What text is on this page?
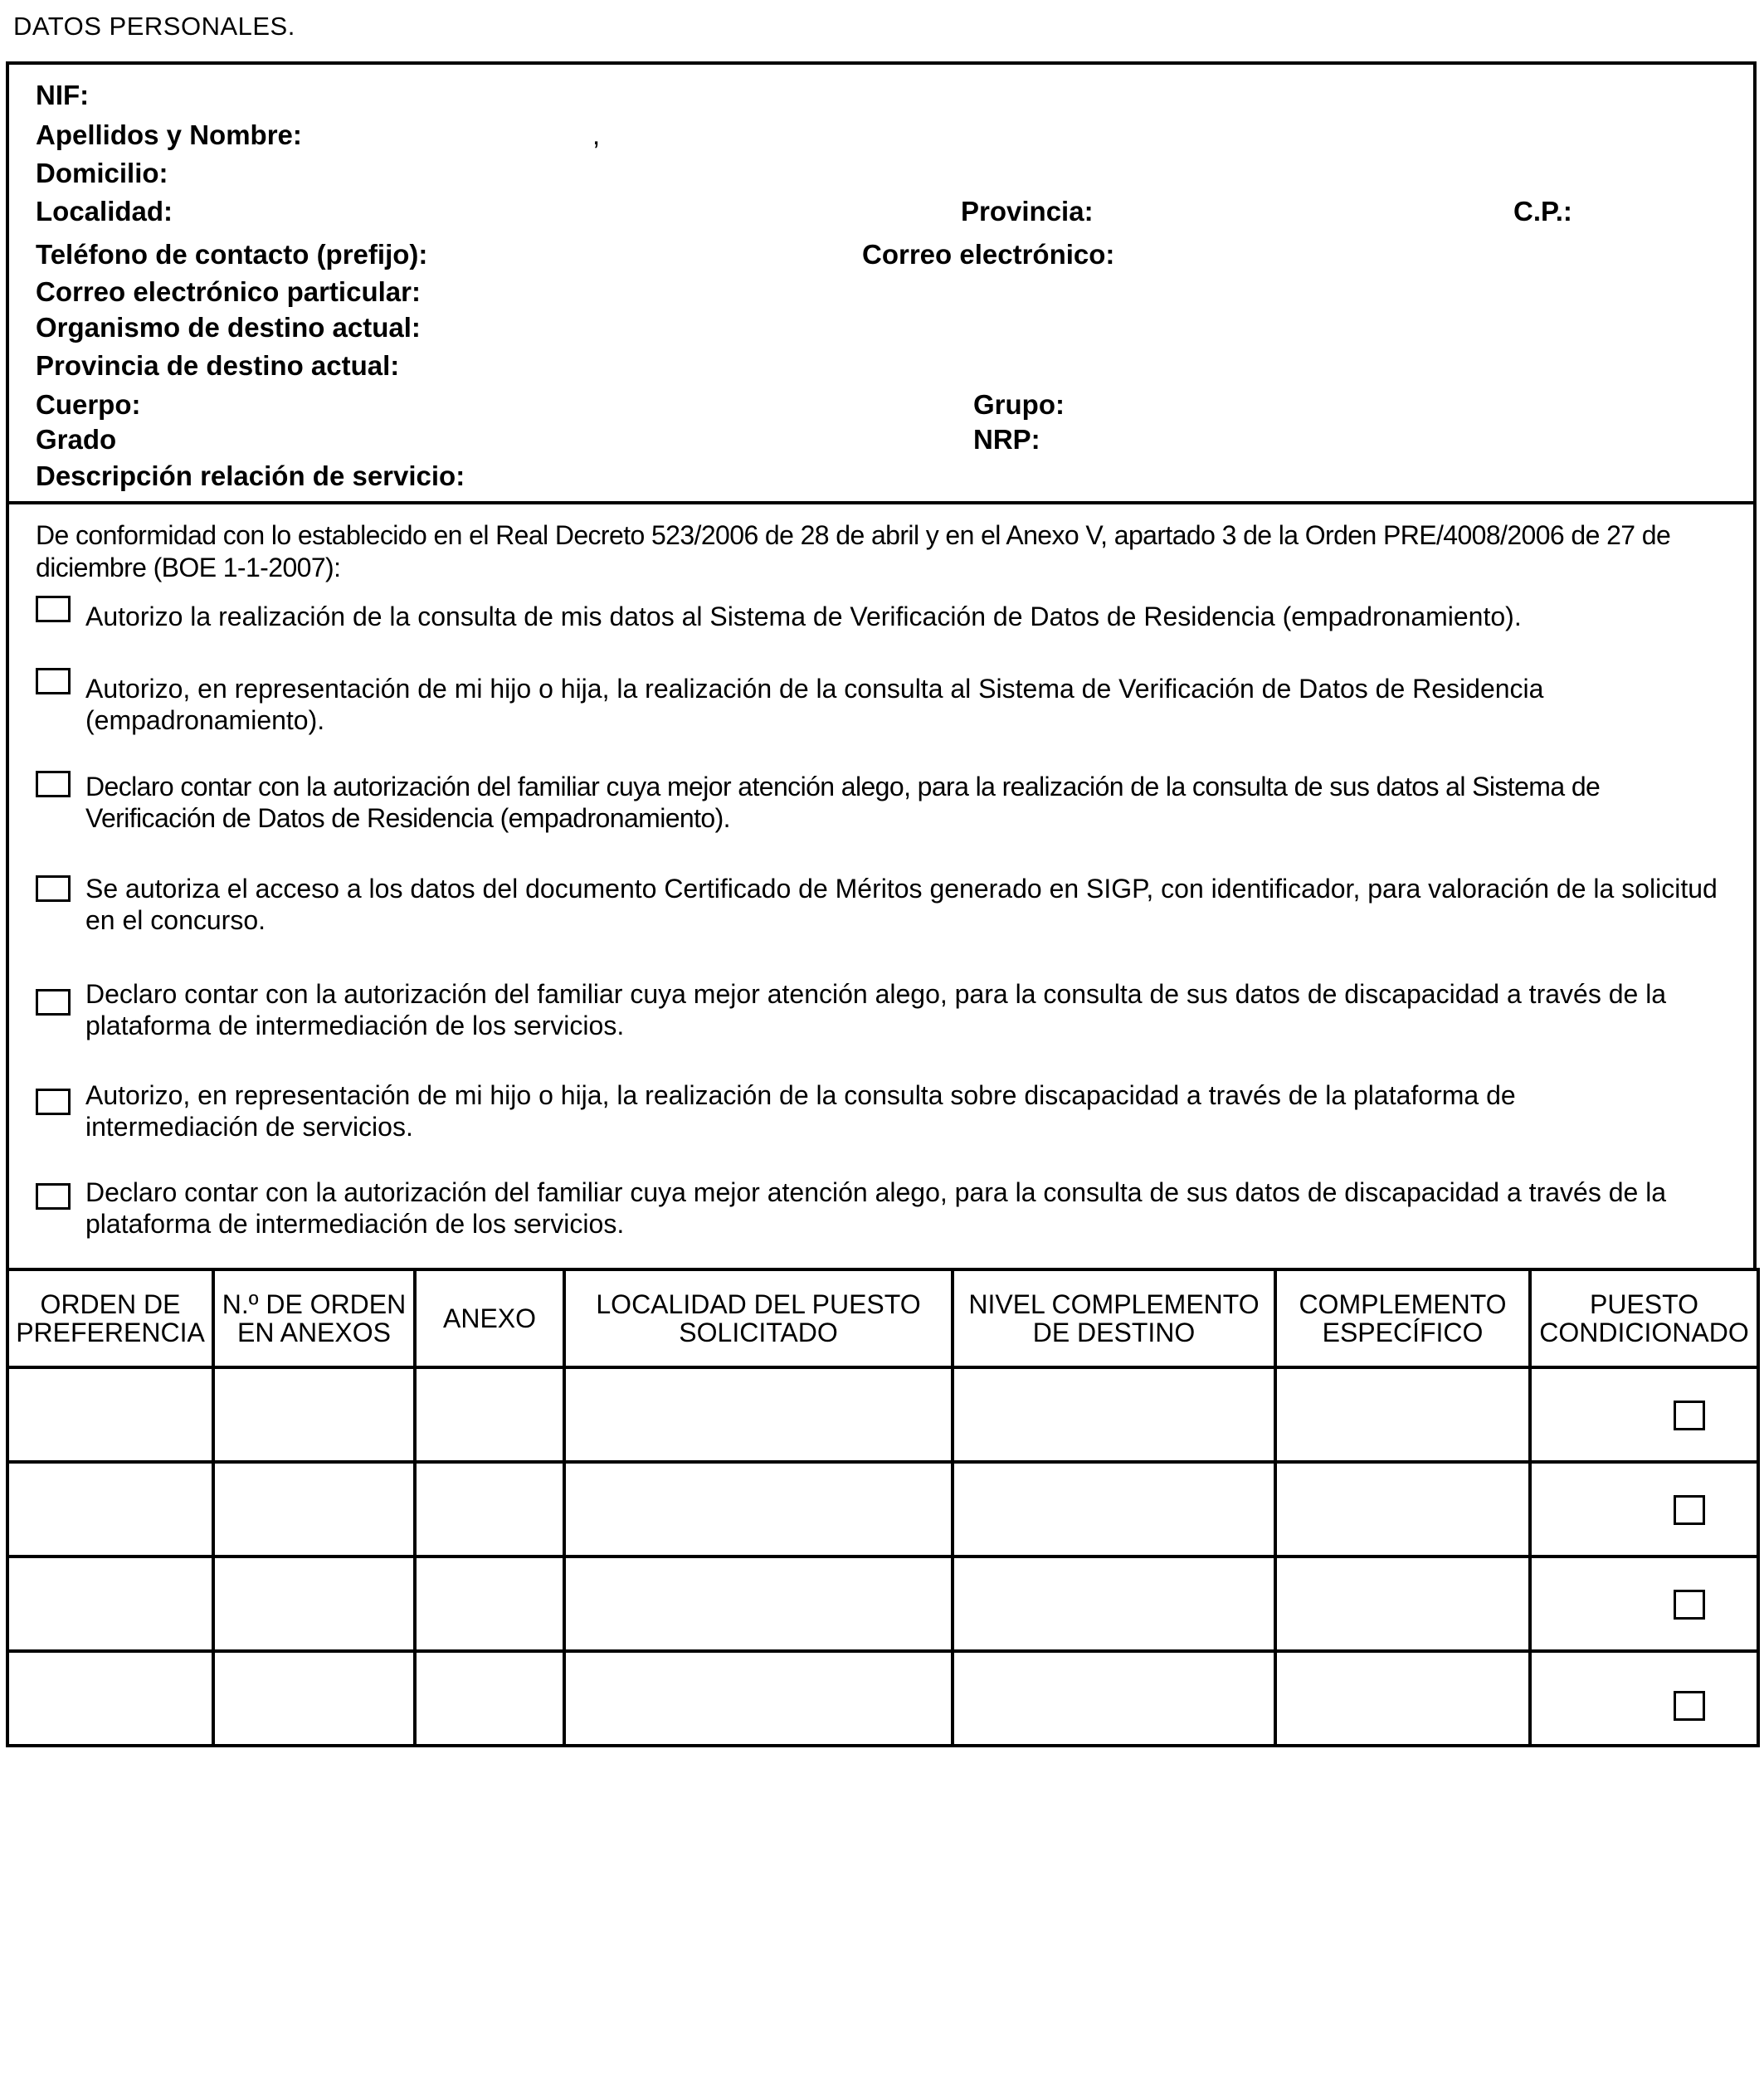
DATOS PERSONALES.
NIF:
Apellidos y Nombre:	,
Domicilio:
Localidad:	Provincia:	C.P.:
Teléfono de contacto (prefijo):	Correo electrónico:
Correo electrónico particular:
Organismo de destino actual:
Provincia de destino actual:
Cuerpo:	Grupo:
Grado	NRP:
Descripción relación de servicio:
De conformidad con lo establecido en el Real Decreto 523/2006 de 28 de abril y en el Anexo V, apartado 3 de la Orden PRE/4008/2006 de 27 de diciembre (BOE 1-1-2007):
Autorizo la realización de la consulta de mis datos al Sistema de Verificación de Datos de Residencia (empadronamiento).
Autorizo, en representación de mi hijo o hija, la realización de la consulta al Sistema de Verificación de Datos de Residencia (empadronamiento).
Declaro contar con la autorización del familiar cuya mejor atención alego, para la realización de la consulta de sus datos al Sistema de Verificación de Datos de Residencia (empadronamiento).
Se autoriza el acceso a los datos del documento Certificado de Méritos generado en SIGP, con identificador, para valoración de la solicitud en el concurso.
Declaro contar con la autorización del familiar cuya mejor atención alego, para la consulta de sus datos de discapacidad a través de la plataforma de intermediación de los servicios.
Autorizo, en representación de mi hijo o hija, la realización de la consulta sobre discapacidad a través de la plataforma de intermediación de servicios.
Declaro contar con la autorización del familiar cuya mejor atención alego, para la consulta de sus datos de discapacidad a través de la plataforma de intermediación de los servicios.
ORDEN DE PREFERENCIA	N.º DE ORDEN EN ANEXOS	ANEXO	LOCALIDAD DEL PUESTO SOLICITADO	NIVEL COMPLEMENTO DE DESTINO	COMPLEMENTO ESPECÍFICO	PUESTO CONDICIONADO
